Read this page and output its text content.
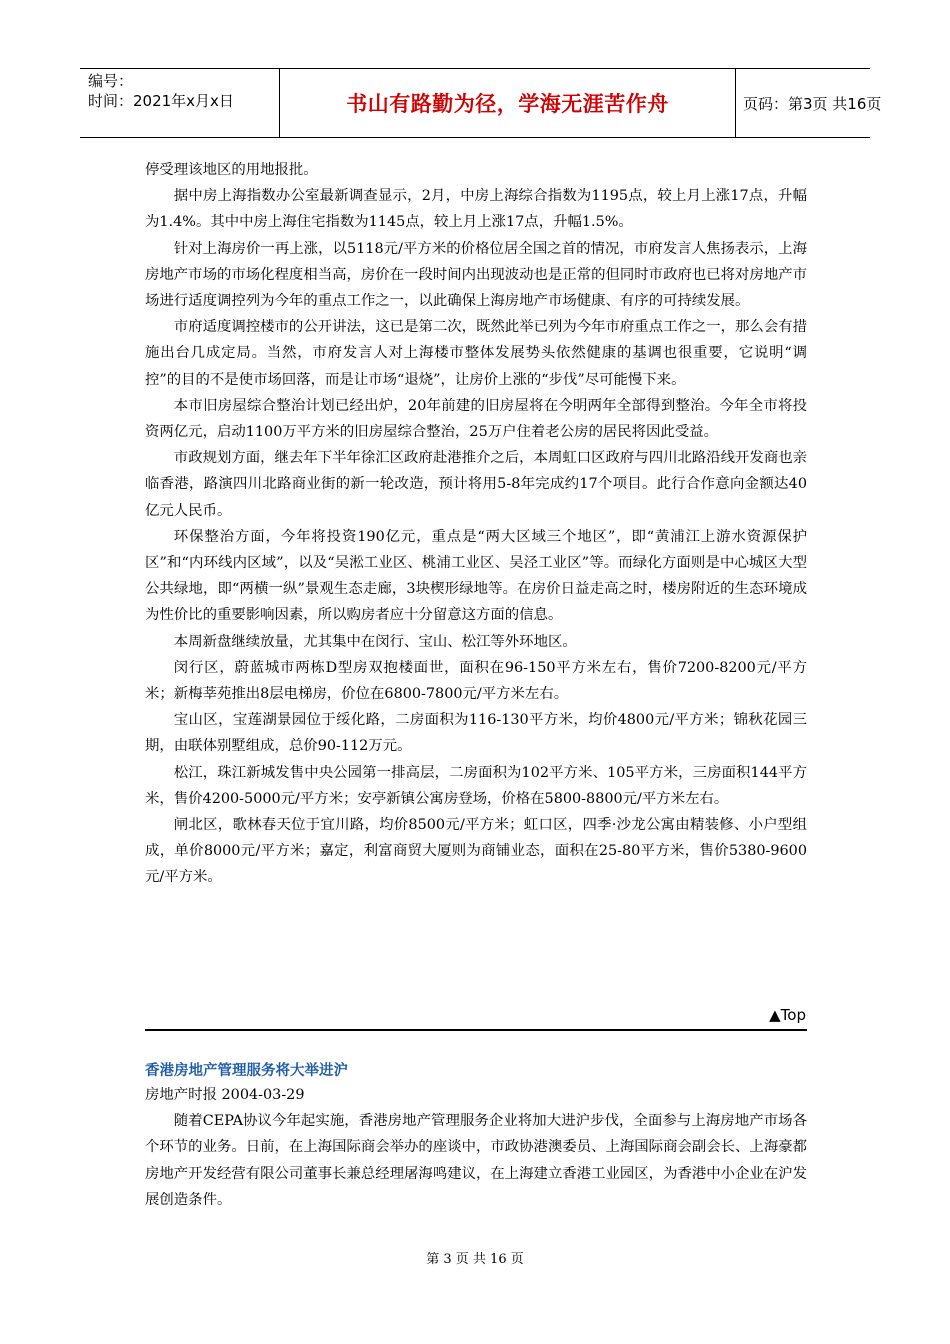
编号：
时间：2021年x月x日	书山有路勤为径，学海无涯苦作舟	页码：第3页 共16页

停受理该地区的用地报批。

据中房上海指数办公室最新调查显示，2月，中房上海综合指数为1195点，较上月上涨17点，升幅为1.4%。其中中房上海住宅指数为1145点，较上月上涨17点，升幅1.5%。

针对上海房价一再上涨，以5118元/平方米的价格位居全国之首的情况，市府发言人焦扬表示，上海房地产市场的市场化程度相当高，房价在一段时间内出现波动也是正常的但同时市政府也已将对房地产市场进行适度调控列为今年的重点工作之一，以此确保上海房地产市场健康、有序的可持续发展。

市府适度调控楼市的公开讲法，这已是第二次，既然此举已列为今年市府重点工作之一，那么会有措施出台几成定局。当然，市府发言人对上海楼市整体发展势头依然健康的基调也很重要，它说明“调控”的目的不是使市场回落，而是让市场“退烧”，让房价上涨的“步伐”尽可能慢下来。

本市旧房屋综合整治计划已经出炉，20年前建的旧房屋将在今明两年全部得到整治。今年全市将投资两亿元，启动1100万平方米的旧房屋综合整治，25万户住着老公房的居民将因此受益。

市政规划方面，继去年下半年徐汇区政府赴港推介之后，本周虹口区政府与四川北路沿线开发商也亲临香港，路演四川北路商业街的新一轮改造，预计将用5-8年完成约17个项目。此行合作意向金额达40亿元人民币。

环保整治方面，今年将投资190亿元，重点是“两大区域三个地区”，即“黄浦江上游水资源保护区”和“内环线内区域”，以及“吴淞工业区、桃浦工业区、吴泾工业区”等。而绿化方面则是中心城区大型公共绿地，即“两横一纵”景观生态走廊，3块楔形绿地等。在房价日益走高之时，楼房附近的生态环境成为性价比的重要影响因素，所以购房者应十分留意这方面的信息。

本周新盘继续放量，尤其集中在闵行、宝山、松江等外环地区。

闵行区，蔚蓝城市两栋D型房双抱楼面世，面积在96-150平方米左右，售价7200-8200元/平方米；新梅莘苑推出8层电梯房，价位在6800-7800元/平方米左右。

宝山区，宝莲湖景园位于绥化路，二房面积为116-130平方米，均价4800元/平方米；锦秋花园三期，由联体别墅组成，总价90-112万元。

松江，珠江新城发售中央公园第一排高层，二房面积为102平方米、105平方米，三房面积144平方米，售价4200-5000元/平方米；安亭新镇公寓房登场，价格在5800-8800元/平方米左右。

闸北区，歌林春天位于宜川路，均价8500元/平方米；虹口区，四季·沙龙公寓由精装修、小户型组成，单价8000元/平方米；嘉定，利富商贸大厦则为商铺业态，面积在25-80平方米，售价5380-9600元/平方米。

▲Top
香港房地产管理服务将大举进沪
房地产时报 2004-03-29

随着CEPA协议今年起实施，香港房地产管理服务企业将加大进沪步伐，全面参与上海房地产市场各个环节的业务。日前，在上海国际商会举办的座谈中，市政协港澳委员、上海国际商会副会长、上海豪都房地产开发经营有限公司董事长兼总经理屠海鸣建议，在上海建立香港工业园区，为香港中小企业在沪发展创造条件。

第 3 页 共 16 页
